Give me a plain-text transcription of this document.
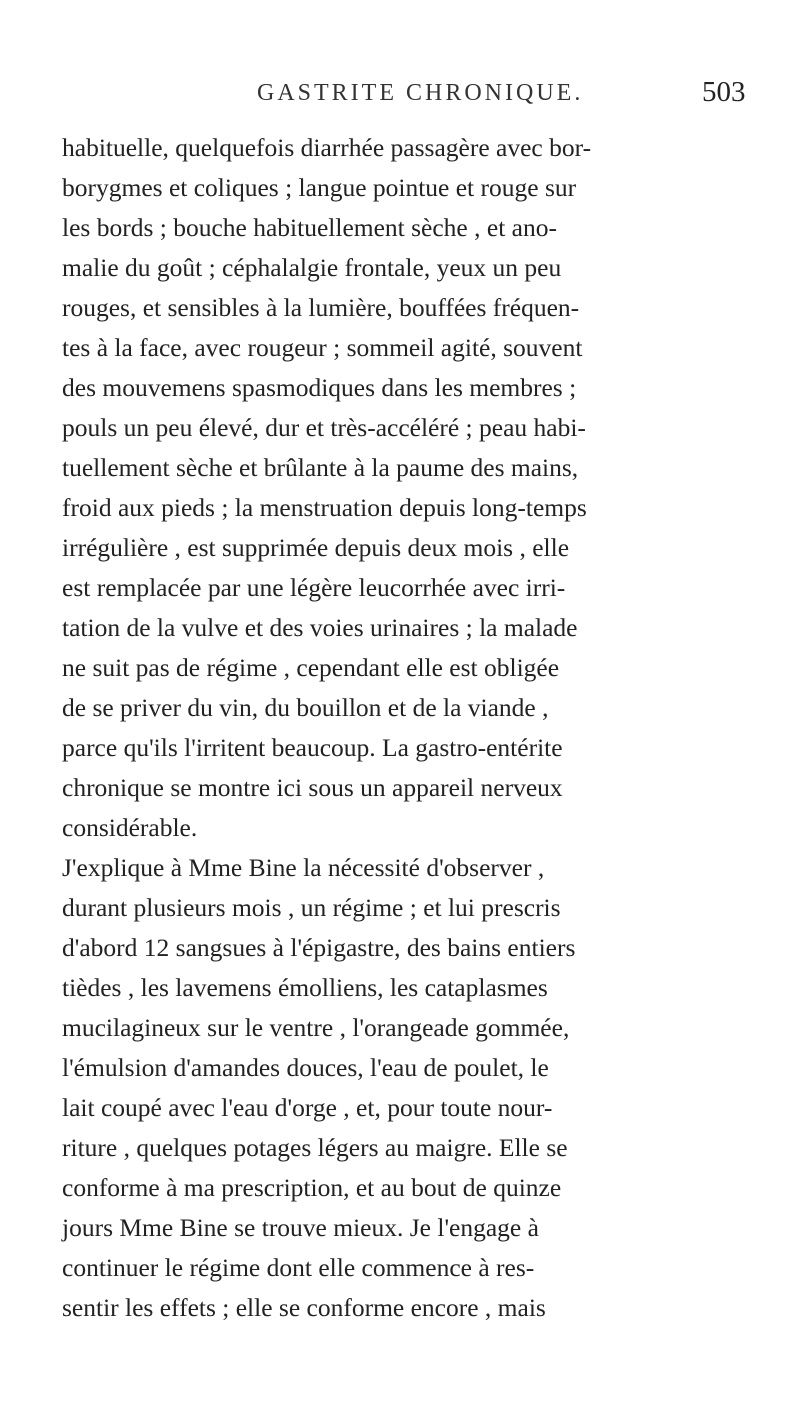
GASTRITE CHRONIQUE.	503
habituelle, quelquefois diarrhée passagère avec bor-
borygmes et coliques ; langue pointue et rouge sur
les bords ; bouche habituellement sèche , et ano-
malie du goût ; céphalalgie frontale, yeux un peu
rouges, et sensibles à la lumière, bouffées fréquen-
tes à la face, avec rougeur ; sommeil agité, souvent
des mouvemens spasmodiques dans les membres ;
pouls un peu élevé, dur et très-accéléré ; peau habi-
tuellement sèche et brûlante à la paume des mains,
froid aux pieds ; la menstruation depuis long-temps
irrégulière , est supprimée depuis deux mois , elle
est remplacée par une légère leucorrhée avec irri-
tation de la vulve et des voies urinaires ; la malade
ne suit pas de régime , cependant elle est obligée
de se priver du vin, du bouillon et de la viande ,
parce qu'ils l'irritent beaucoup. La gastro-entérite
chronique se montre ici sous un appareil nerveux
considérable.
J'explique à Mme Bine la nécessité d'observer ,
durant plusieurs mois , un régime ; et lui prescris
d'abord 12 sangsues à l'épigastre, des bains entiers
tièdes , les lavemens émolliens, les cataplasmes
mucilagineux sur le ventre , l'orangeade gommée,
l'émulsion d'amandes douces, l'eau de poulet, le
lait coupé avec l'eau d'orge , et, pour toute nour-
riture , quelques potages légers au maigre. Elle se
conforme à ma prescription, et au bout de quinze
jours Mme Bine se trouve mieux. Je l'engage à
continuer le régime dont elle commence à res-
sentir les effets ; elle se conforme encore , mais
